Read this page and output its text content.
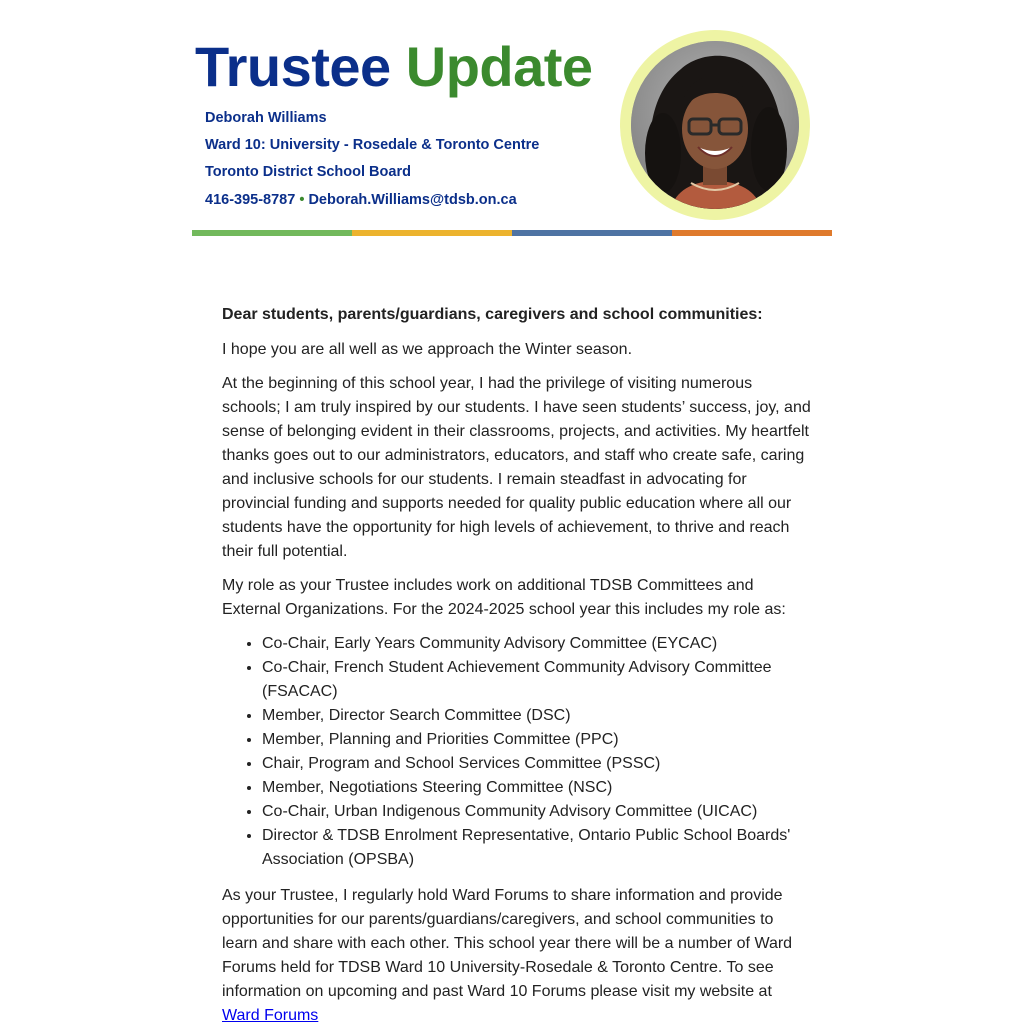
Trustee Update
Deborah Williams
Ward 10: University - Rosedale & Toronto Centre
Toronto District School Board
416-395-8787 • Deborah.Williams@tdsb.on.ca

Dear students, parents/guardians, caregivers and school communities:

I hope you are all well as we approach the Winter season.

At the beginning of this school year, I had the privilege of visiting numerous schools; I am truly inspired by our students. I have seen students’ success, joy, and sense of belonging evident in their classrooms, projects, and activities. My heartfelt thanks goes out to our administrators, educators, and staff who create safe, caring and inclusive schools for our students. I remain steadfast in advocating for provincial funding and supports needed for quality public education where all our students have the opportunity for high levels of achievement, to thrive and reach their full potential.

My role as your Trustee includes work on additional TDSB Committees and External Organizations. For the 2024-2025 school year this includes my role as:

• Co-Chair, Early Years Community Advisory Committee (EYCAC)
• Co-Chair, French Student Achievement Community Advisory Committee (FSACAC)
• Member, Director Search Committee (DSC)
• Member, Planning and Priorities Committee (PPC)
• Chair, Program and School Services Committee (PSSC)
• Member, Negotiations Steering Committee (NSC)
• Co-Chair, Urban Indigenous Community Advisory Committee (UICAC)
• Director & TDSB Enrolment Representative, Ontario Public School Boards' Association (OPSBA)

As your Trustee, I regularly hold Ward Forums to share information and provide opportunities for our parents/guardians/caregivers, and school communities to learn and share with each other. This school year there will be a number of Ward Forums held for TDSB Ward 10 University-Rosedale & Toronto Centre. To see information on upcoming and past Ward 10 Forums please visit my website at Ward Forums
